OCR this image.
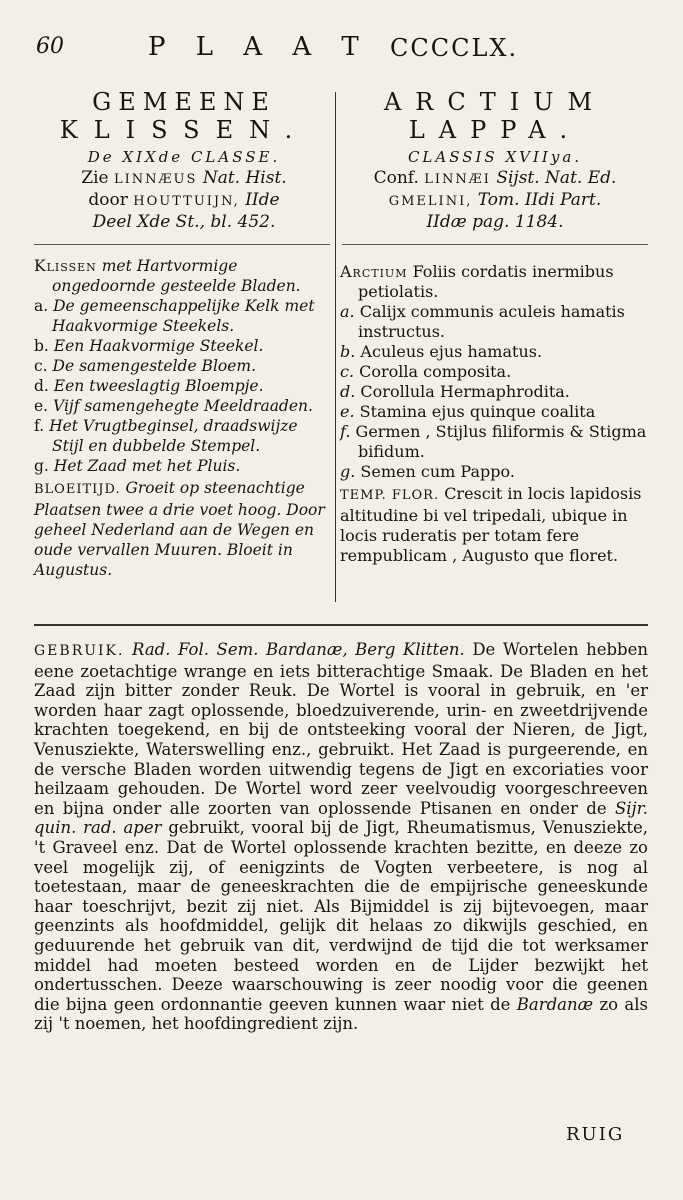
60	P L A A T CCCCLX.

GEMEENE

KLISSEN.

De XIXde CLASSE.
Zie LINNÆUS Nat. Hist.
door HOUTTUIJN, IIde
Deel Xde St., bl. 452.
Klissen met Hartvormige ongedoornde gesteelde Bladen.
a. De gemeenschappelijke Kelk met Haakvormige Steekels.
b. Een Haakvormige Steekel.
c. De samengestelde Bloem.
d. Een tweeslagtig Bloempje.
e. Vijf samengehegte Meeldraaden.
f. Het Vrugtbeginsel, draadswijze Stijl en dubbelde Stempel.
g. Het Zaad met het Pluis.
BLOEITIJD. Groeit op steenachtige Plaatsen twee a drie voet hoog. Door geheel Nederland aan de Wegen en oude vervallen Muuren. Bloeit in Augustus.

ARCTIUM

LAPPA.

CLASSIS XVIIya.
Conf. LINNÆI Sijst. Nat. Ed.
GMELINI, Tom. IIdi Part.
IIdæ pag. 1184.
Arctium Foliis cordatis inermibus petiolatis.
a. Calijx communis aculeis hamatis instructus.
b. Aculeus ejus hamatus.
c. Corolla composita.
d. Corollula Hermaphrodita.
e. Stamina ejus quinque coalita
f. Germen , Stijlus filiformis & Stigma bifidum.
g. Semen cum Pappo.
TEMP. FLOR. Crescit in locis lapidosis altitudine bi vel tripedali, ubique in locis ruderatis per totam fere rempublicam , Augusto que floret.
GEBRUIK. Rad. Fol. Sem. Bardanæ, Berg Klitten. De Wortelen hebben eene zoetachtige wrange en iets bitterachtige Smaak. De Bladen en het Zaad zijn bitter zonder Reuk. De Wortel is vooral in gebruik, en 'er worden haar zagt oplossende, bloedzuiverende, urin- en zweetdrijvende krachten toegekend, en bij de ontsteeking vooral der Nieren, de Jigt, Venusziekte, Waterswelling enz., gebruikt. Het Zaad is purgeerende, en de versche Bladen worden uitwendig tegens de Jigt en excoriaties voor heilzaam gehouden. De Wortel word zeer veelvoudig voorgeschreeven en bijna onder alle zoorten van oplossende Ptisanen en onder de Sijr. quin. rad. aper gebruikt, vooral bij de Jigt, Rheumatismus, Venusziekte, 't Graveel enz. Dat de Wortel oplossende krachten bezitte, en deeze zo veel mogelijk zij, of eenigzints de Vogten verbeetere, is nog al toetestaan, maar de geneeskrachten die de empijrische geneeskunde haar toeschrijvt, bezit zij niet. Als Bijmiddel is zij bijtevoegen, maar geenzints als hoofdmiddel, gelijk dit helaas zo dikwijls geschied, en geduurende het gebruik van dit, verdwijnd de tijd die tot werksamer middel had moeten besteed worden en de Lijder bezwijkt het ondertusschen. Deeze waarschouwing is zeer noodig voor die geenen die bijna geen ordonnantie geeven kunnen waar niet de Bardanæ zo als zij 't noemen, het hoofdingredient zijn.
RUIG
